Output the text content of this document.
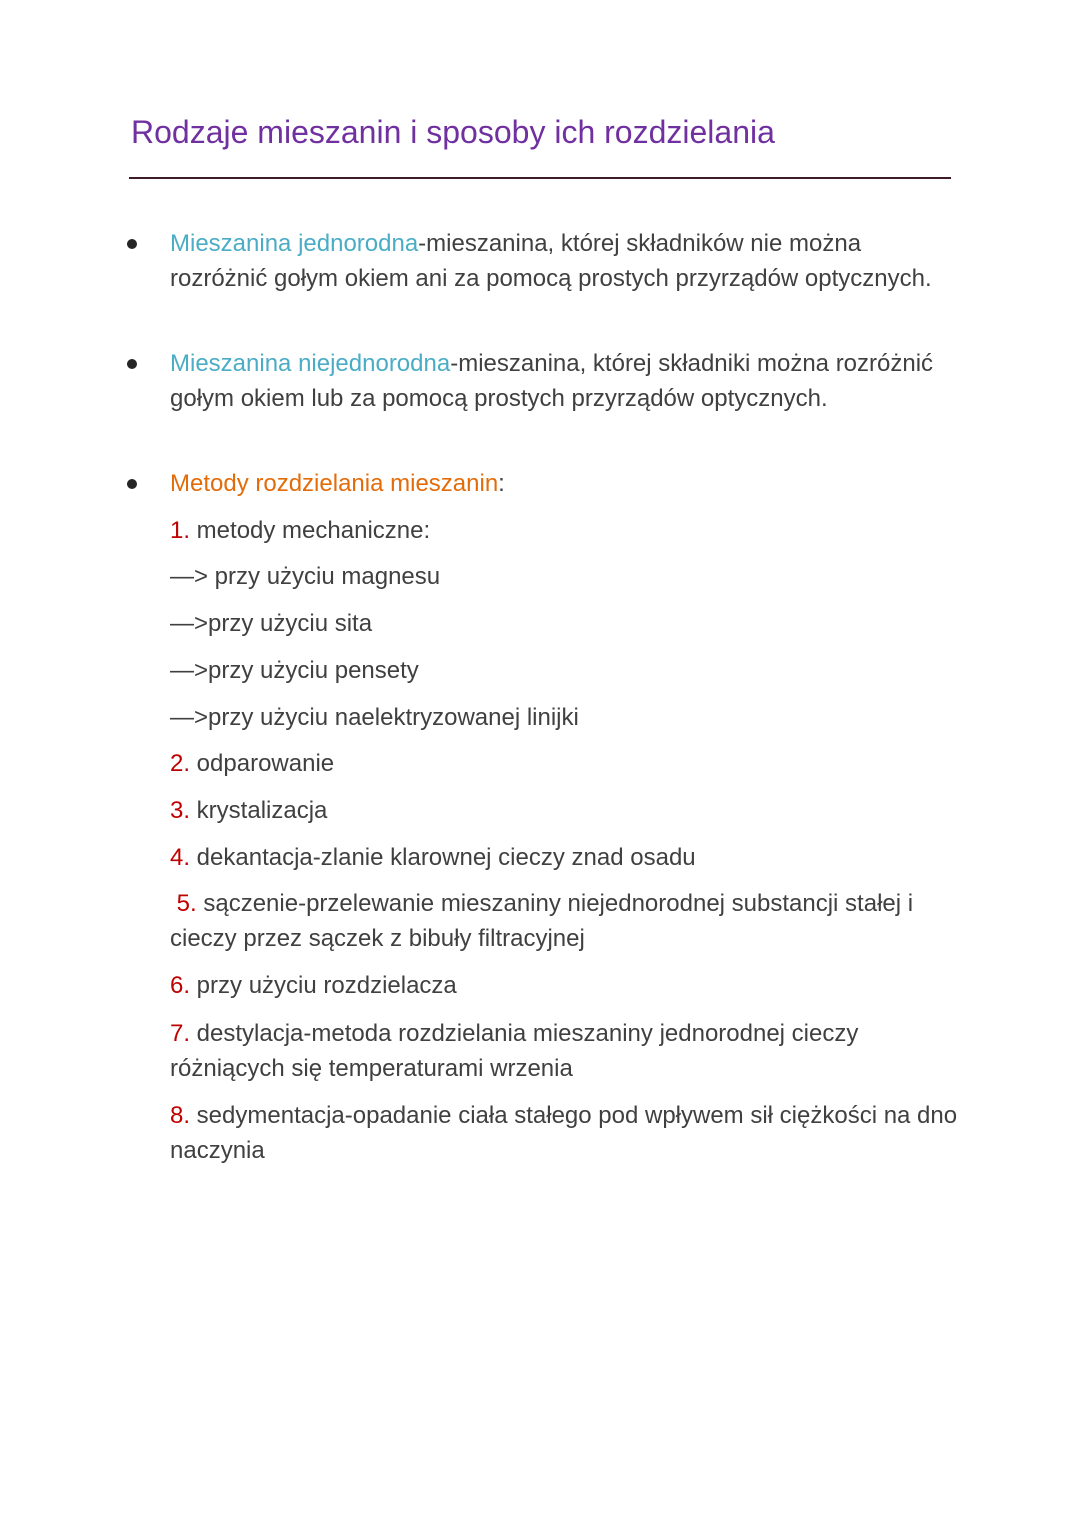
Rodzaje mieszanin i sposoby ich rozdzielania
Mieszanina jednorodna-mieszanina, której składników nie można rozróżnić gołym okiem ani za pomocą prostych przyrządów optycznych.
Mieszanina niejednorodna-mieszanina, której składniki można rozróżnić gołym okiem lub za pomocą prostych przyrządów optycznych.
Metody rozdzielania mieszanin:
1. metody mechaniczne:
—> przy użyciu magnesu
—>przy użyciu sita
—>przy użyciu pensety
—>przy użyciu naelektryzowanej linijki
2. odparowanie
3. krystalizacja
4. dekantacja-zlanie klarownej cieczy znad osadu
5. sączenie-przelewanie mieszaniny niejednorodnej substancji stałej i cieczy przez sączek z bibuły filtracyjnej
6. przy użyciu rozdzielacza
7. destylacja-metoda rozdzielania mieszaniny jednorodnej cieczy różniących się temperaturami wrzenia
8. sedymentacja-opadanie ciała stałego pod wpływem sił ciężkości na dno naczynia
